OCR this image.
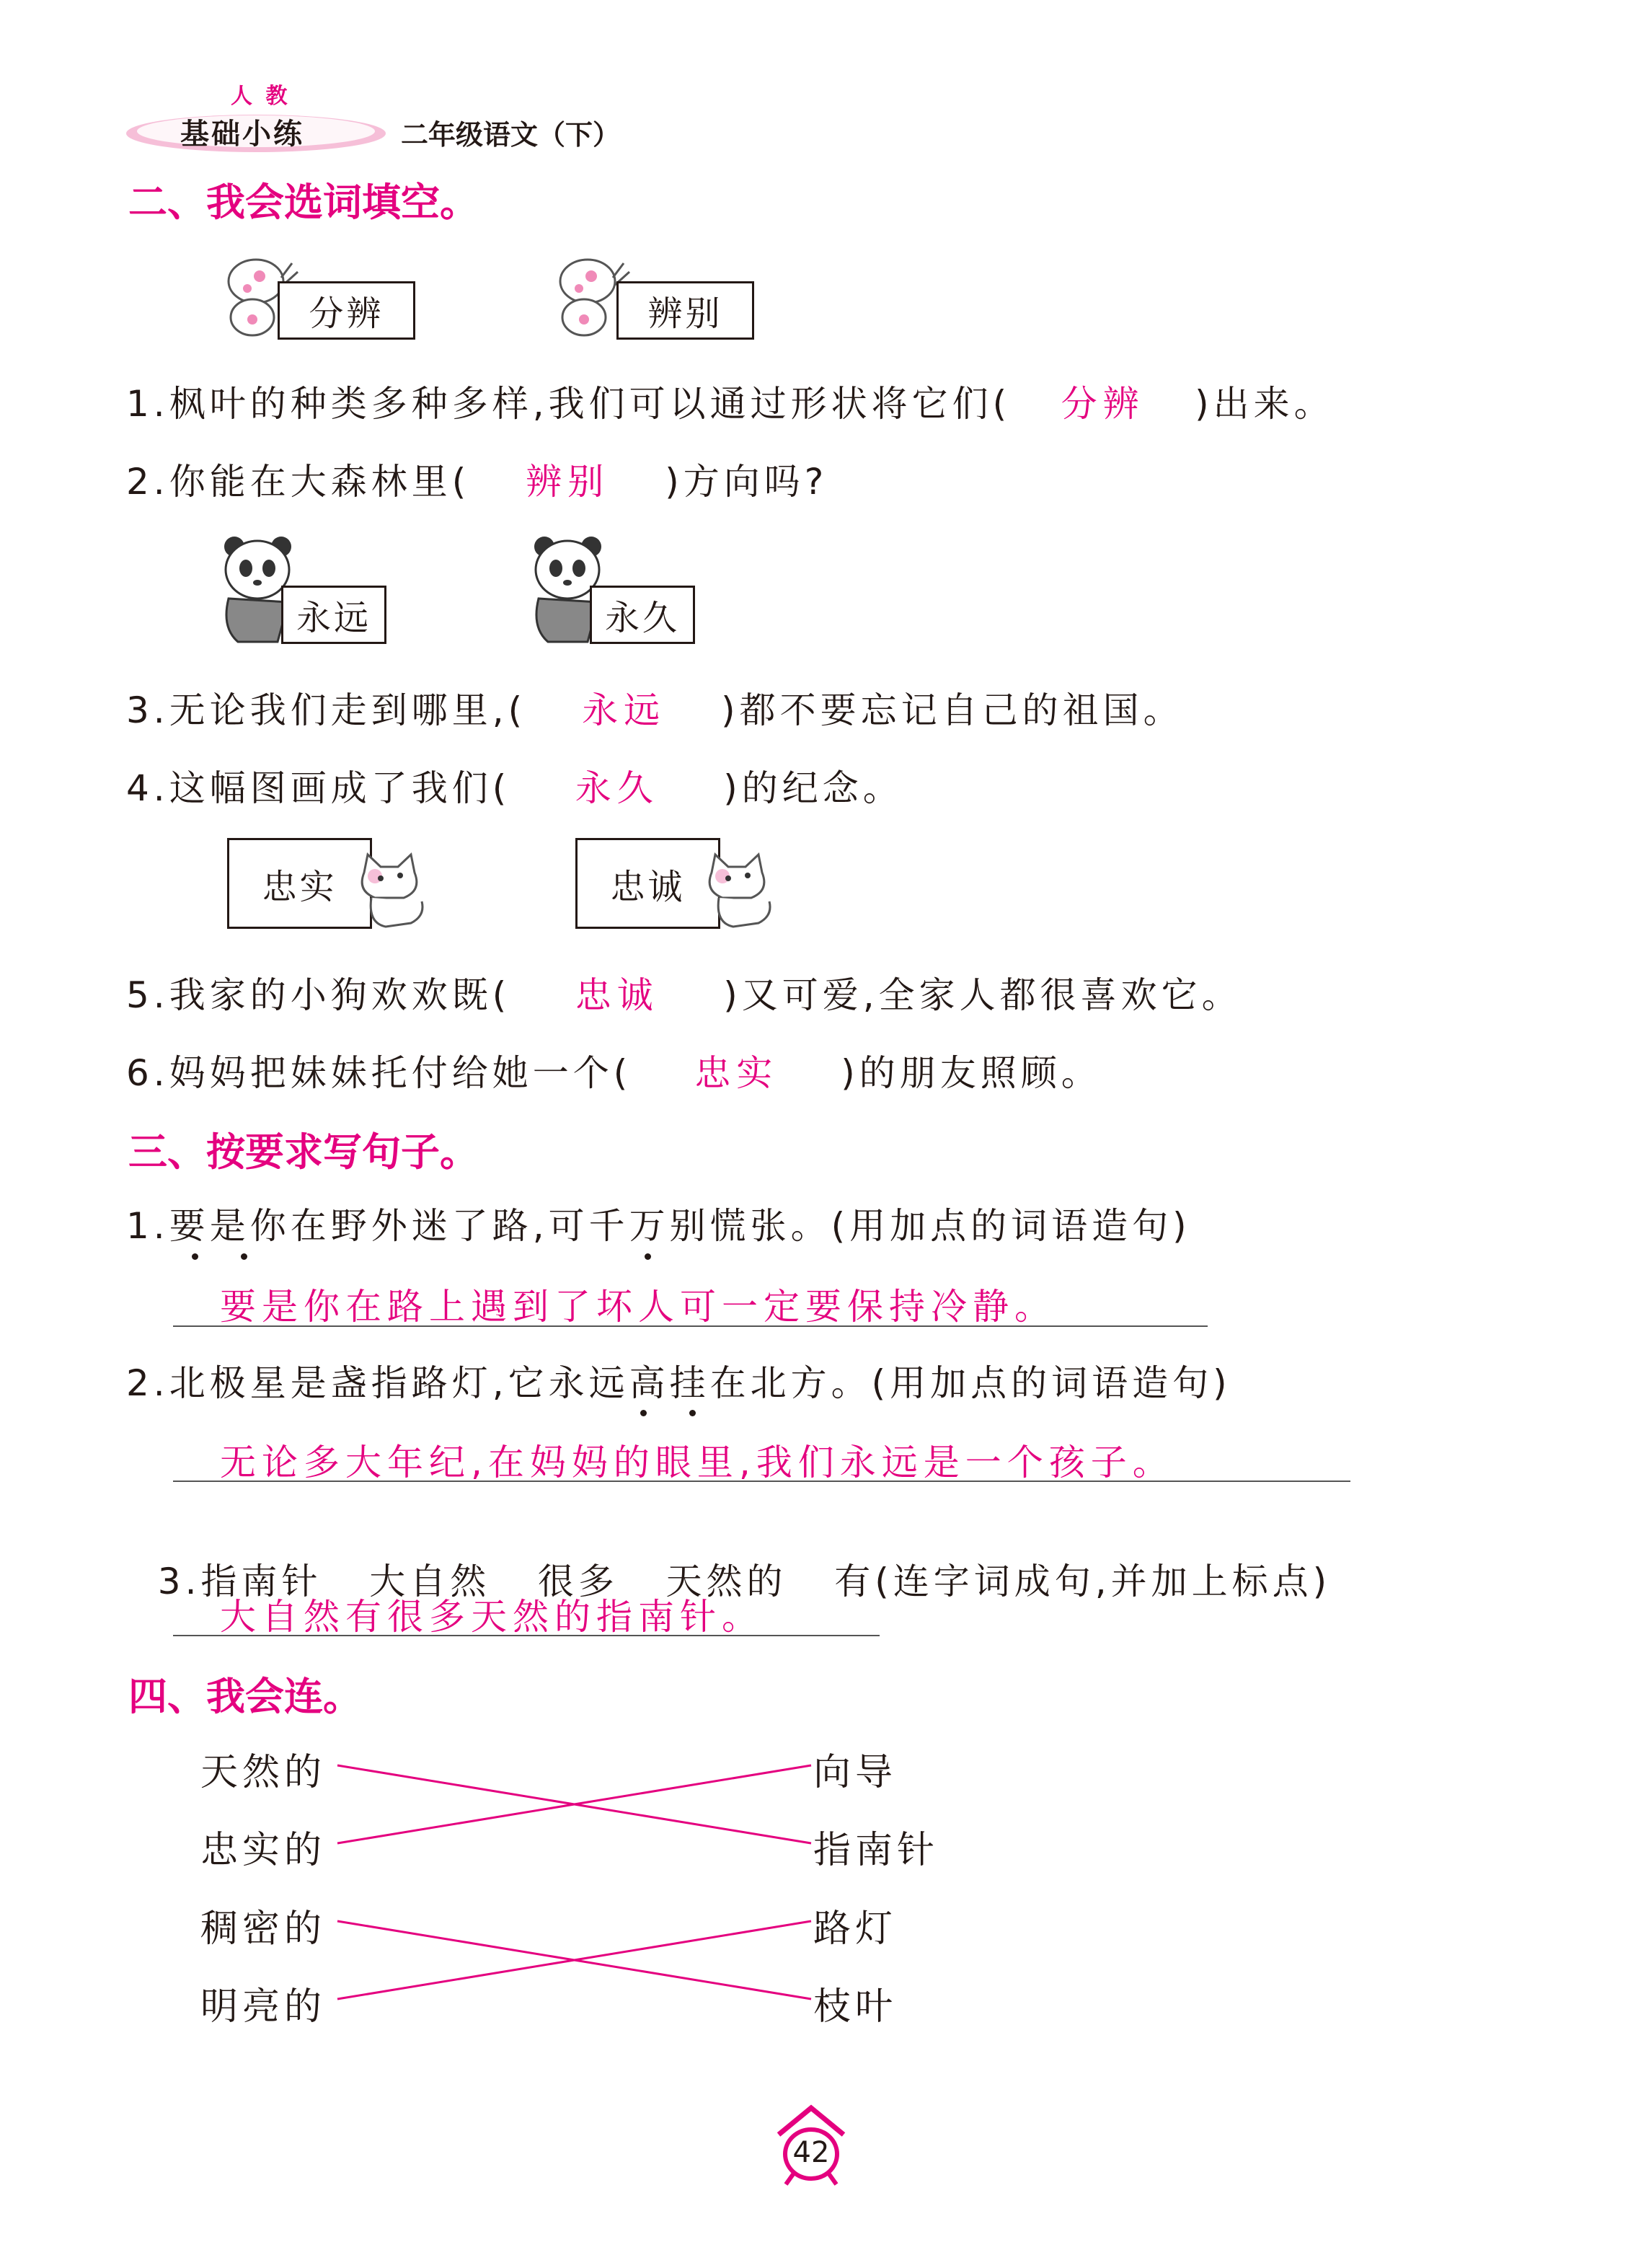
人 教
基础小练	二年级语文（下）
二、我会选词填空。
分辨	辨别
1.枫叶的种类多种多样,我们可以通过形状将它们( 分辨 )出来。
2.你能在大森林里( 辨别 )方向吗?
永远	永久
3.无论我们走到哪里,( 永远 )都不要忘记自己的祖国。
4.这幅图画成了我们( 永久 )的纪念。
忠实	忠诚
5.我家的小狗欢欢既( 忠诚 )又可爱,全家人都很喜欢它。
6.妈妈把妹妹托付给她一个( 忠实 )的朋友照顾。
三、按要求写句子。
1.要是你在野外迷了路,可千万别慌张。(用加点的词语造句)
要是你在路上遇到了坏人可一定要保持冷静。
2.北极星是盏指路灯,它永远高挂在北方。(用加点的词语造句)
无论多大年纪,在妈妈的眼里,我们永远是一个孩子。

3.指南针   大自然   很多   天然的   有(连字词成句,并加上标点)

大自然有很多天然的指南针。
四、我会连。
天然的
忠实的
稠密的
明亮的
向导
指南针
路灯
枝叶
42
